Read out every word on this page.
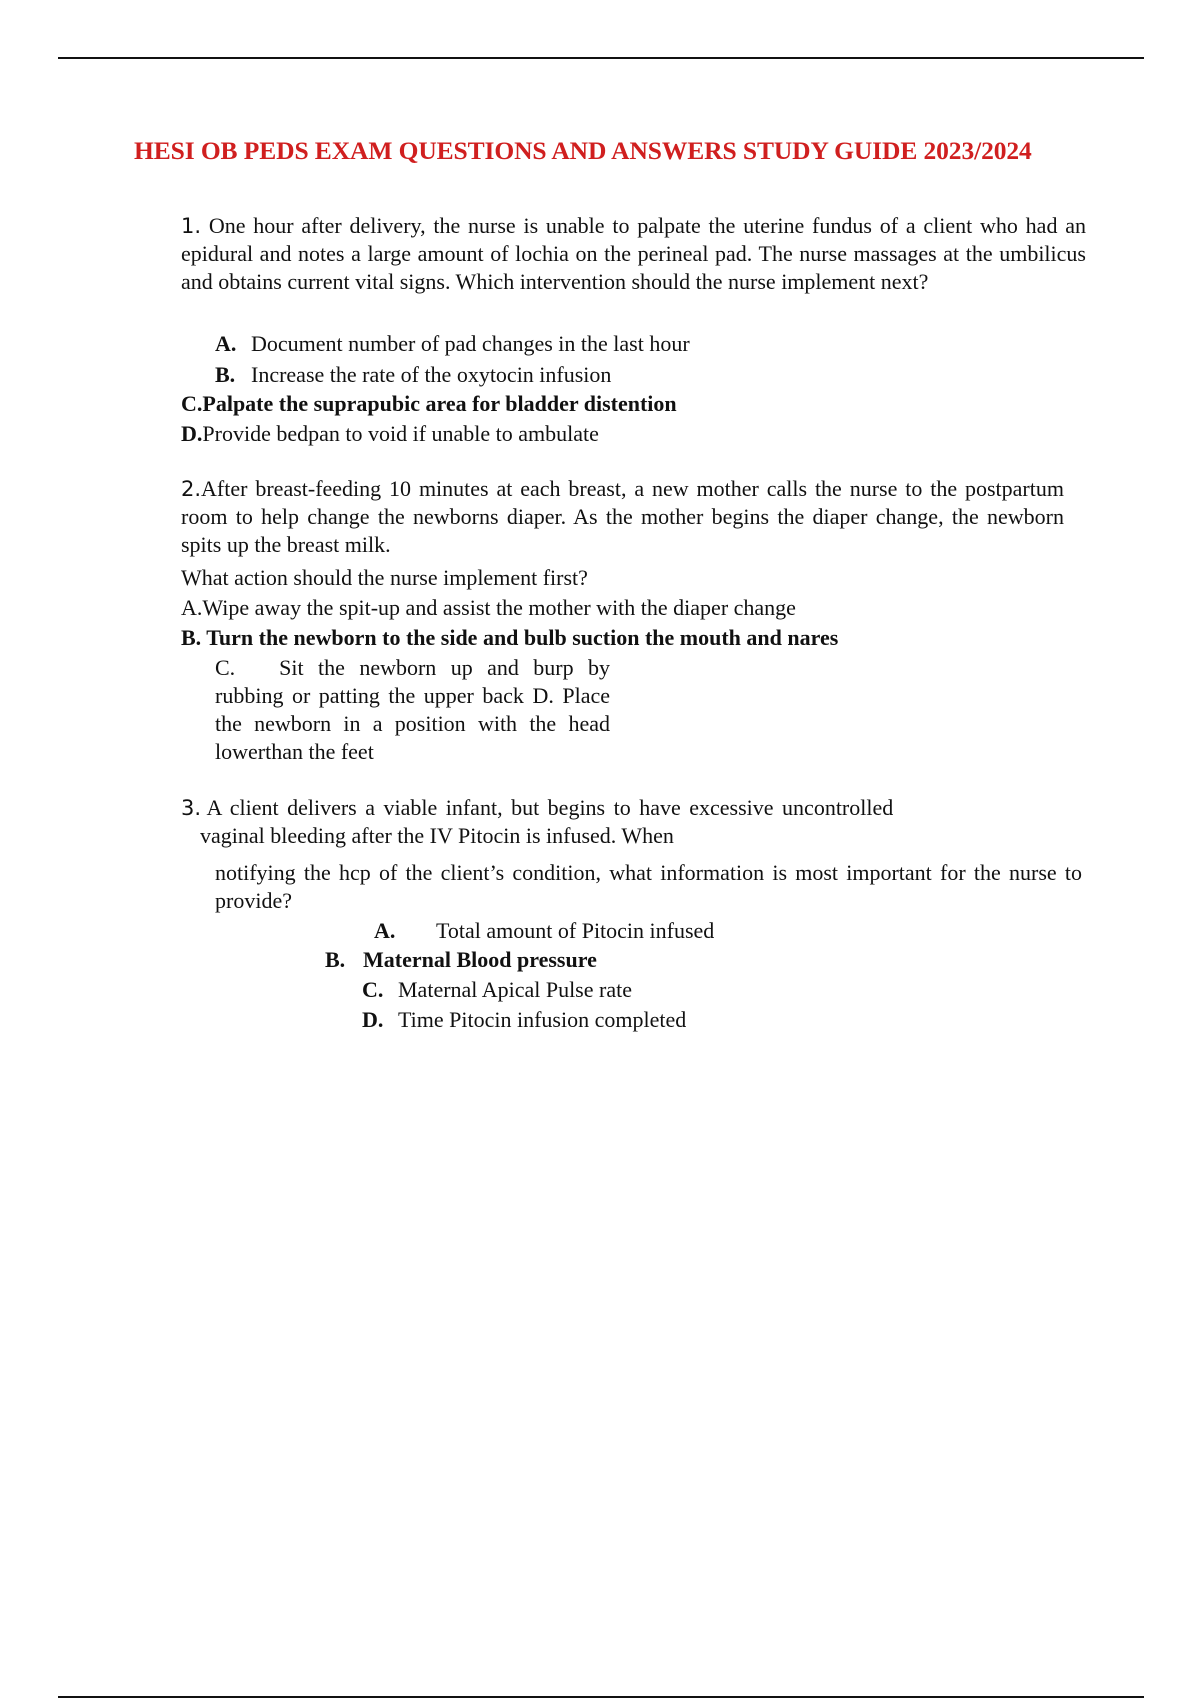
HESI OB PEDS EXAM QUESTIONS AND ANSWERS STUDY GUIDE 2023/2024
1. One hour after delivery, the nurse is unable to palpate the uterine fundus of a client who had an epidural and notes a large amount of lochia on the perineal pad. The nurse massages at the umbilicus and obtains current vital signs. Which intervention should the nurse implement next?
A. Document number of pad changes in the last hour
B. Increase the rate of the oxytocin infusion
C.Palpate the suprapubic area for bladder distention
D.Provide bedpan to void if unable to ambulate
2.After breast-feeding 10 minutes at each breast, a new mother calls the nurse to the postpartum room to help change the newborns diaper. As the mother begins the diaper change, the newborn spits up the breast milk.
What action should the nurse implement first?
A.Wipe away the spit-up and assist the mother with the diaper change
B. Turn the newborn to the side and bulb suction the mouth and nares
C.  Sit the newborn up and burp by rubbing or patting the upper back D. Place the newborn in a position with the head lowerthan the feet
3. A client delivers a viable infant, but begins to have excessive uncontrolled
vaginal bleeding after the IV Pitocin is infused. When
notifying the hcp of the client’s condition, what information is most important for the nurse to provide?
A. Total amount of Pitocin infused
B. Maternal Blood pressure
C. Maternal Apical Pulse rate
D. Time Pitocin infusion completed
